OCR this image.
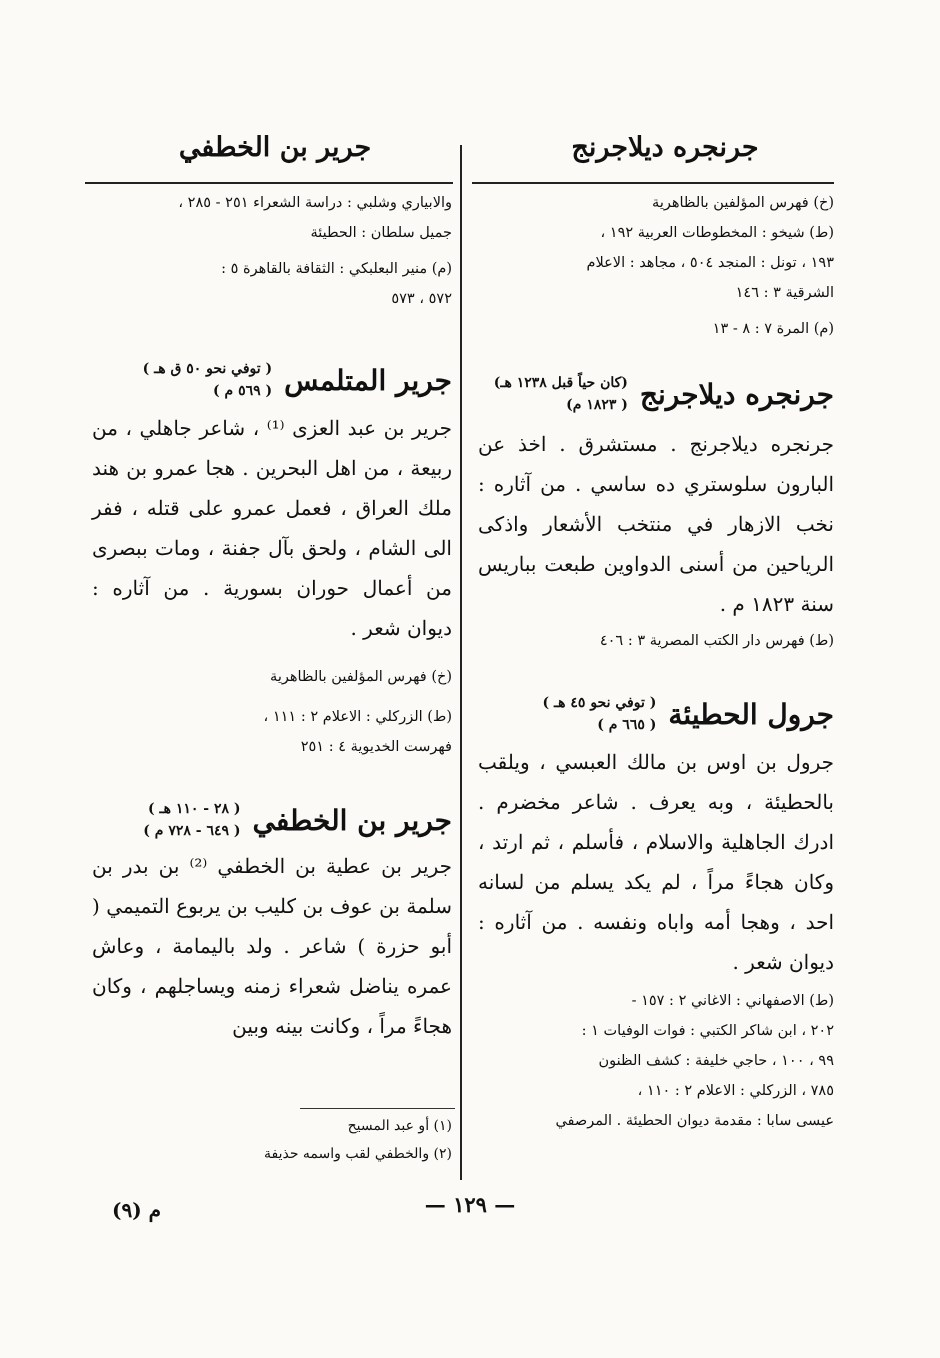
جرنجره ديلاجرنج
جرير بن الخطفي

(خ) فهرس المؤلفين بالظاهرية

(ط) شيخو : المخطوطات العربية ١٩٢ ،

١٩٣ ، تونل : المنجد ٥٠٤ ، مجاهد : الاعلام

الشرقية ٣ : ١٤٦

(م) المرة ٧ : ٨ - ١٣

جرنجره ديلاجرنج
(كان حياً قبل ١٢٣٨ هـ)
( ١٨٢٣ م)

جرنجره ديلاجرنج . مستشرق . اخذ عن البارون سلوستري ده ساسي . من آثاره : نخب الازهار في منتخب الأشعار واذكى الرياحين من أسنى الدواوين طبعت بباريس سنة ١٨٢٣ م .

(ط) فهرس دار الكتب المصرية ٣ : ٤٠٦

جرول الحطيئة
( توفي نحو ٤٥ هـ )
( ٦٦٥ م )

جرول بن اوس بن مالك العبسي ، ويلقب بالحطيئة ، وبه يعرف . شاعر مخضرم . ادرك الجاهلية والاسلام ، فأسلم ، ثم ارتد ، وكان هجاءً مراً ، لم يكد يسلم من لسانه احد ، وهجا أمه واباه ونفسه . من آثاره : ديوان شعر .

(ط) الاصفهاني : الاغاني ٢ : ١٥٧ -

٢٠٢ ، ابن شاكر الكتبي : فوات الوفيات ١ :

٩٩ ، ١٠٠ ، حاجي خليفة : كشف الظنون

٧٨٥ ، الزركلي : الاعلام ٢ : ١١٠ ،

عيسى سابا : مقدمة ديوان الحطيئة . المرصفي

والابياري وشلبي : دراسة الشعراء ٢٥١ - ٢٨٥ ،

جميل سلطان : الحطيئة

(م) منير البعلبكي : الثقافة بالقاهرة ٥ :

٥٧٢ ، ٥٧٣

جرير المتلمس
( توفي نحو ٥٠ ق هـ )
( ٥٦٩ م )

جرير بن عبد العزى ⁽¹⁾ ، شاعر جاهلي ، من ربيعة ، من اهل البحرين . هجا عمرو بن هند ملك العراق ، فعمل عمرو على قتله ، ففر الى الشام ، ولحق بآل جفنة ، ومات ببصرى من أعمال حوران بسورية . من آثاره : ديوان شعر .

(خ) فهرس المؤلفين بالظاهرية

(ط) الزركلي : الاعلام ٢ : ١١١ ،

فهرست الخديوية ٤ : ٢٥١

جرير بن الخطفي
( ٢٨ - ١١٠ هـ )
( ٦٤٩ - ٧٢٨ م )

جرير بن عطية بن الخطفي ⁽²⁾ بن بدر بن سلمة بن عوف بن كليب بن يربوع التميمي ( أبو حزرة ) شاعر . ولد باليمامة ، وعاش عمره يناضل شعراء زمنه ويساجلهم ، وكان هجاءً مراً ، وكانت بينه وبين

(١) أو عبد المسيح

(٢) والخطفي لقب واسمه حذيفة

— ١٢٩ —
م (٩)
